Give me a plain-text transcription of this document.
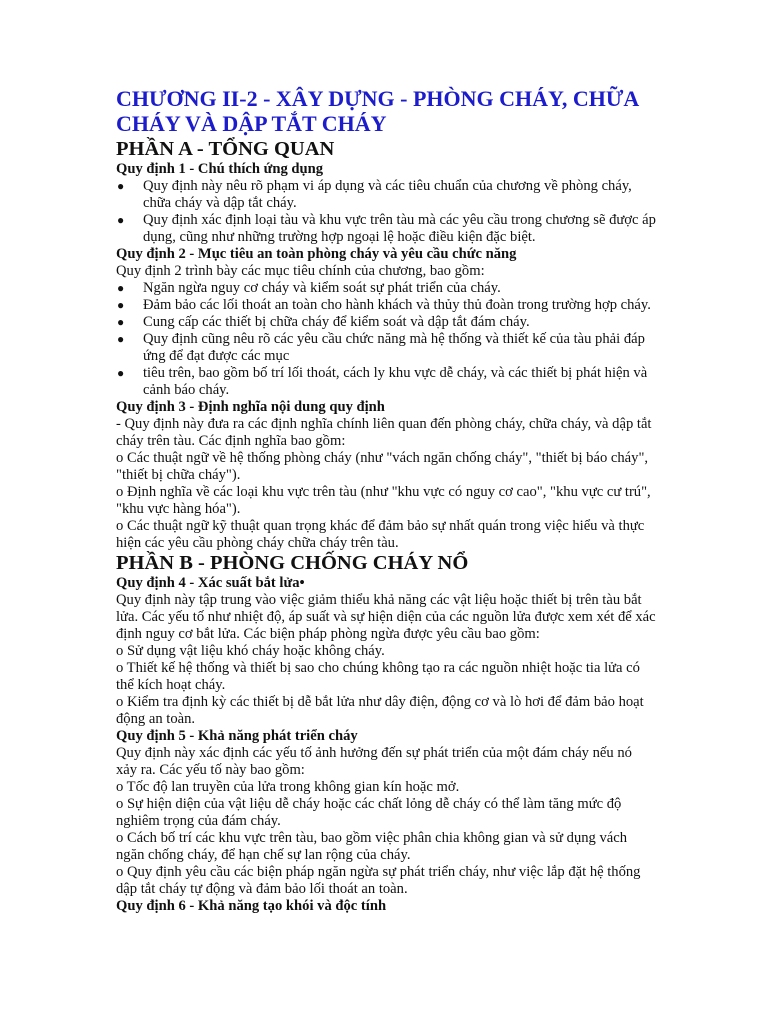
CHƯƠNG II-2 - XÂY DỰNG - PHÒNG CHÁY, CHỮA CHÁY VÀ DẬP TẮT CHÁY
PHẦN A - TỔNG QUAN
Quy định 1 - Chú thích ứng dụng
● Quy định này nêu rõ phạm vi áp dụng và các tiêu chuẩn của chương về phòng cháy, chữa cháy và dập tắt cháy.
● Quy định xác định loại tàu và khu vực trên tàu mà các yêu cầu trong chương sẽ được áp dụng, cũng như những trường hợp ngoại lệ hoặc điều kiện đặc biệt.
Quy định 2 - Mục tiêu an toàn phòng cháy và yêu cầu chức năng

Quy định 2 trình bày các mục tiêu chính của chương, bao gồm:

● Ngăn ngừa nguy cơ cháy và kiểm soát sự phát triển của cháy.
● Đảm bảo các lối thoát an toàn cho hành khách và thủy thủ đoàn trong trường hợp cháy.
● Cung cấp các thiết bị chữa cháy để kiểm soát và dập tắt đám cháy.
● Quy định cũng nêu rõ các yêu cầu chức năng mà hệ thống và thiết kế của tàu phải đáp ứng để đạt được các mục
● tiêu trên, bao gồm bố trí lối thoát, cách ly khu vực dễ cháy, và các thiết bị phát hiện và cảnh báo cháy.
Quy định 3 - Định nghĩa nội dung quy định

- Quy định này đưa ra các định nghĩa chính liên quan đến phòng cháy, chữa cháy, và dập tắt cháy trên tàu. Các định nghĩa bao gồm:

o Các thuật ngữ về hệ thống phòng cháy (như "vách ngăn chống cháy", "thiết bị báo cháy", "thiết bị chữa cháy").

o Định nghĩa về các loại khu vực trên tàu (như "khu vực có nguy cơ cao", "khu vực cư trú", "khu vực hàng hóa").

o Các thuật ngữ kỹ thuật quan trọng khác để đảm bảo sự nhất quán trong việc hiểu và thực hiện các yêu cầu phòng cháy chữa cháy trên tàu.

PHẦN B - PHÒNG CHỐNG CHÁY NỔ
Quy định 4 - Xác suất bắt lửa•

Quy định này tập trung vào việc giảm thiểu khả năng các vật liệu hoặc thiết bị trên tàu bắt lửa. Các yếu tố như nhiệt độ, áp suất và sự hiện diện của các nguồn lửa được xem xét để xác định nguy cơ bắt lửa. Các biện pháp phòng ngừa được yêu cầu bao gồm:

o Sử dụng vật liệu khó cháy hoặc không cháy.

o Thiết kế hệ thống và thiết bị sao cho chúng không tạo ra các nguồn nhiệt hoặc tia lửa có thể kích hoạt cháy.

o Kiểm tra định kỳ các thiết bị dễ bắt lửa như dây điện, động cơ và lò hơi để đảm bảo hoạt động an toàn.

Quy định 5 - Khả năng phát triển cháy

Quy định này xác định các yếu tố ảnh hưởng đến sự phát triển của một đám cháy nếu nó xảy ra. Các yếu tố này bao gồm:

o Tốc độ lan truyền của lửa trong không gian kín hoặc mở.

o Sự hiện diện của vật liệu dễ cháy hoặc các chất lỏng dễ cháy có thể làm tăng mức độ nghiêm trọng của đám cháy.

o Cách bố trí các khu vực trên tàu, bao gồm việc phân chia không gian và sử dụng vách ngăn chống cháy, để hạn chế sự lan rộng của cháy.

o Quy định yêu cầu các biện pháp ngăn ngừa sự phát triển cháy, như việc lắp đặt hệ thống dập tắt cháy tự động và đảm bảo lối thoát an toàn.

Quy định 6 - Khả năng tạo khói và độc tính
